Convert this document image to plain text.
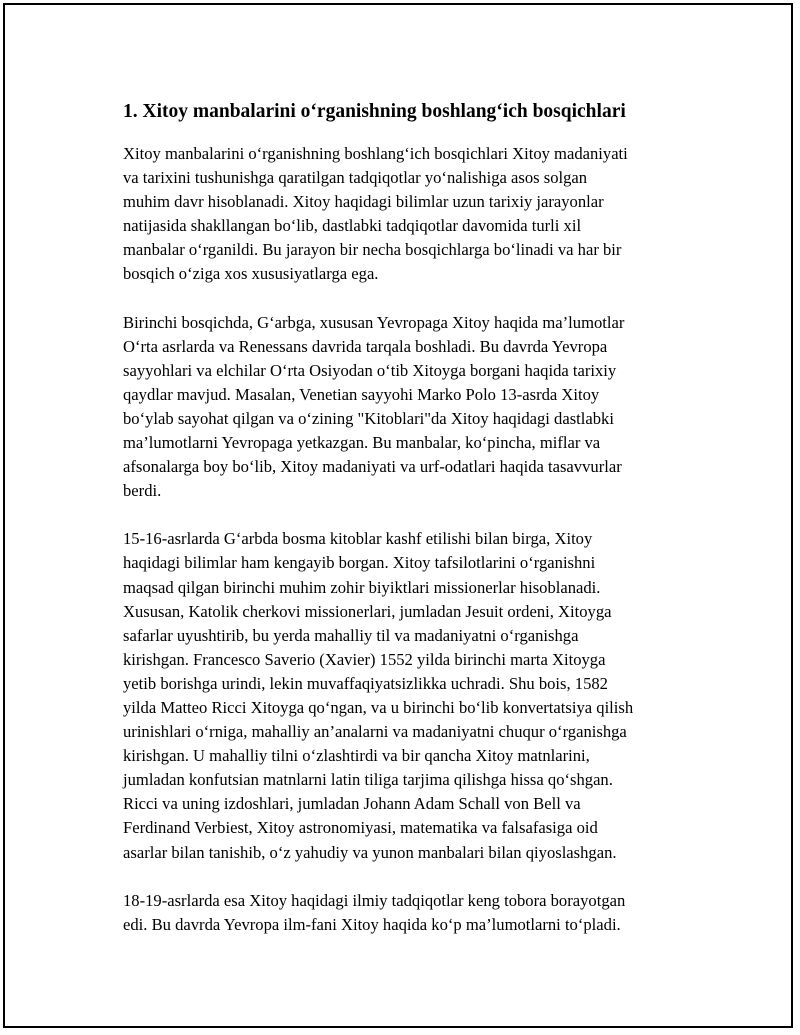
1. Xitoy manbalarini o‘rganishning boshlang‘ich bosqichlari
Xitoy manbalarini o‘rganishning boshlang‘ich bosqichlari Xitoy madaniyati
va tarixini tushunishga qaratilgan tadqiqotlar yo‘nalishiga asos solgan
muhim davr hisoblanadi. Xitoy haqidagi bilimlar uzun tarixiy jarayonlar
natijasida shakllangan bo‘lib, dastlabki tadqiqotlar davomida turli xil
manbalar o‘rganildi. Bu jarayon bir necha bosqichlarga bo‘linadi va har bir
bosqich o‘ziga xos xususiyatlarga ega.
Birinchi bosqichda, G‘arbga, xususan Yevropaga Xitoy haqida ma’lumotlar
O‘rta asrlarda va Renessans davrida tarqala boshladi. Bu davrda Yevropa
sayyohlari va elchilar O‘rta Osiyodan o‘tib Xitoyga borgani haqida tarixiy
qaydlar mavjud. Masalan, Venetian sayyohi Marko Polo 13-asrda Xitoy
bo‘ylab sayohat qilgan va o‘zining "Kitoblari"da Xitoy haqidagi dastlabki
ma’lumotlarni Yevropaga yetkazgan. Bu manbalar, ko‘pincha, miflar va
afsonalarga boy bo‘lib, Xitoy madaniyati va urf-odatlari haqida tasavvurlar
berdi.
15-16-asrlarda G‘arbda bosma kitoblar kashf etilishi bilan birga, Xitoy
haqidagi bilimlar ham kengayib borgan. Xitoy tafsilotlarini o‘rganishni
maqsad qilgan birinchi muhim zohir biyiktlari missionerlar hisoblanadi.
Xususan, Katolik cherkovi missionerlari, jumladan Jesuit ordeni, Xitoyga
safarlar uyushtirib, bu yerda mahalliy til va madaniyatni o‘rganishga
kirishgan. Francesco Saverio (Xavier) 1552 yilda birinchi marta Xitoyga
yetib borishga urindi, lekin muvaffaqiyatsizlikka uchradi. Shu bois, 1582
yilda Matteo Ricci Xitoyga qo‘ngan, va u birinchi bo‘lib konvertatsiya qilish
urinishlari o‘rniga, mahalliy an’analarni va madaniyatni chuqur o‘rganishga
kirishgan. U mahalliy tilni o‘zlashtirdi va bir qancha Xitoy matnlarini,
jumladan konfutsian matnlarni latin tiliga tarjima qilishga hissa qo‘shgan.
Ricci va uning izdoshlari, jumladan Johann Adam Schall von Bell va
Ferdinand Verbiest, Xitoy astronomiyasi, matematika va falsafasiga oid
asarlar bilan tanishib, o‘z yahudiy va yunon manbalari bilan qiyoslashgan.
18-19-asrlarda esa Xitoy haqidagi ilmiy tadqiqotlar keng tobora borayotgan
edi. Bu davrda Yevropa ilm-fani Xitoy haqida ko‘p ma’lumotlarni to‘pladi.
